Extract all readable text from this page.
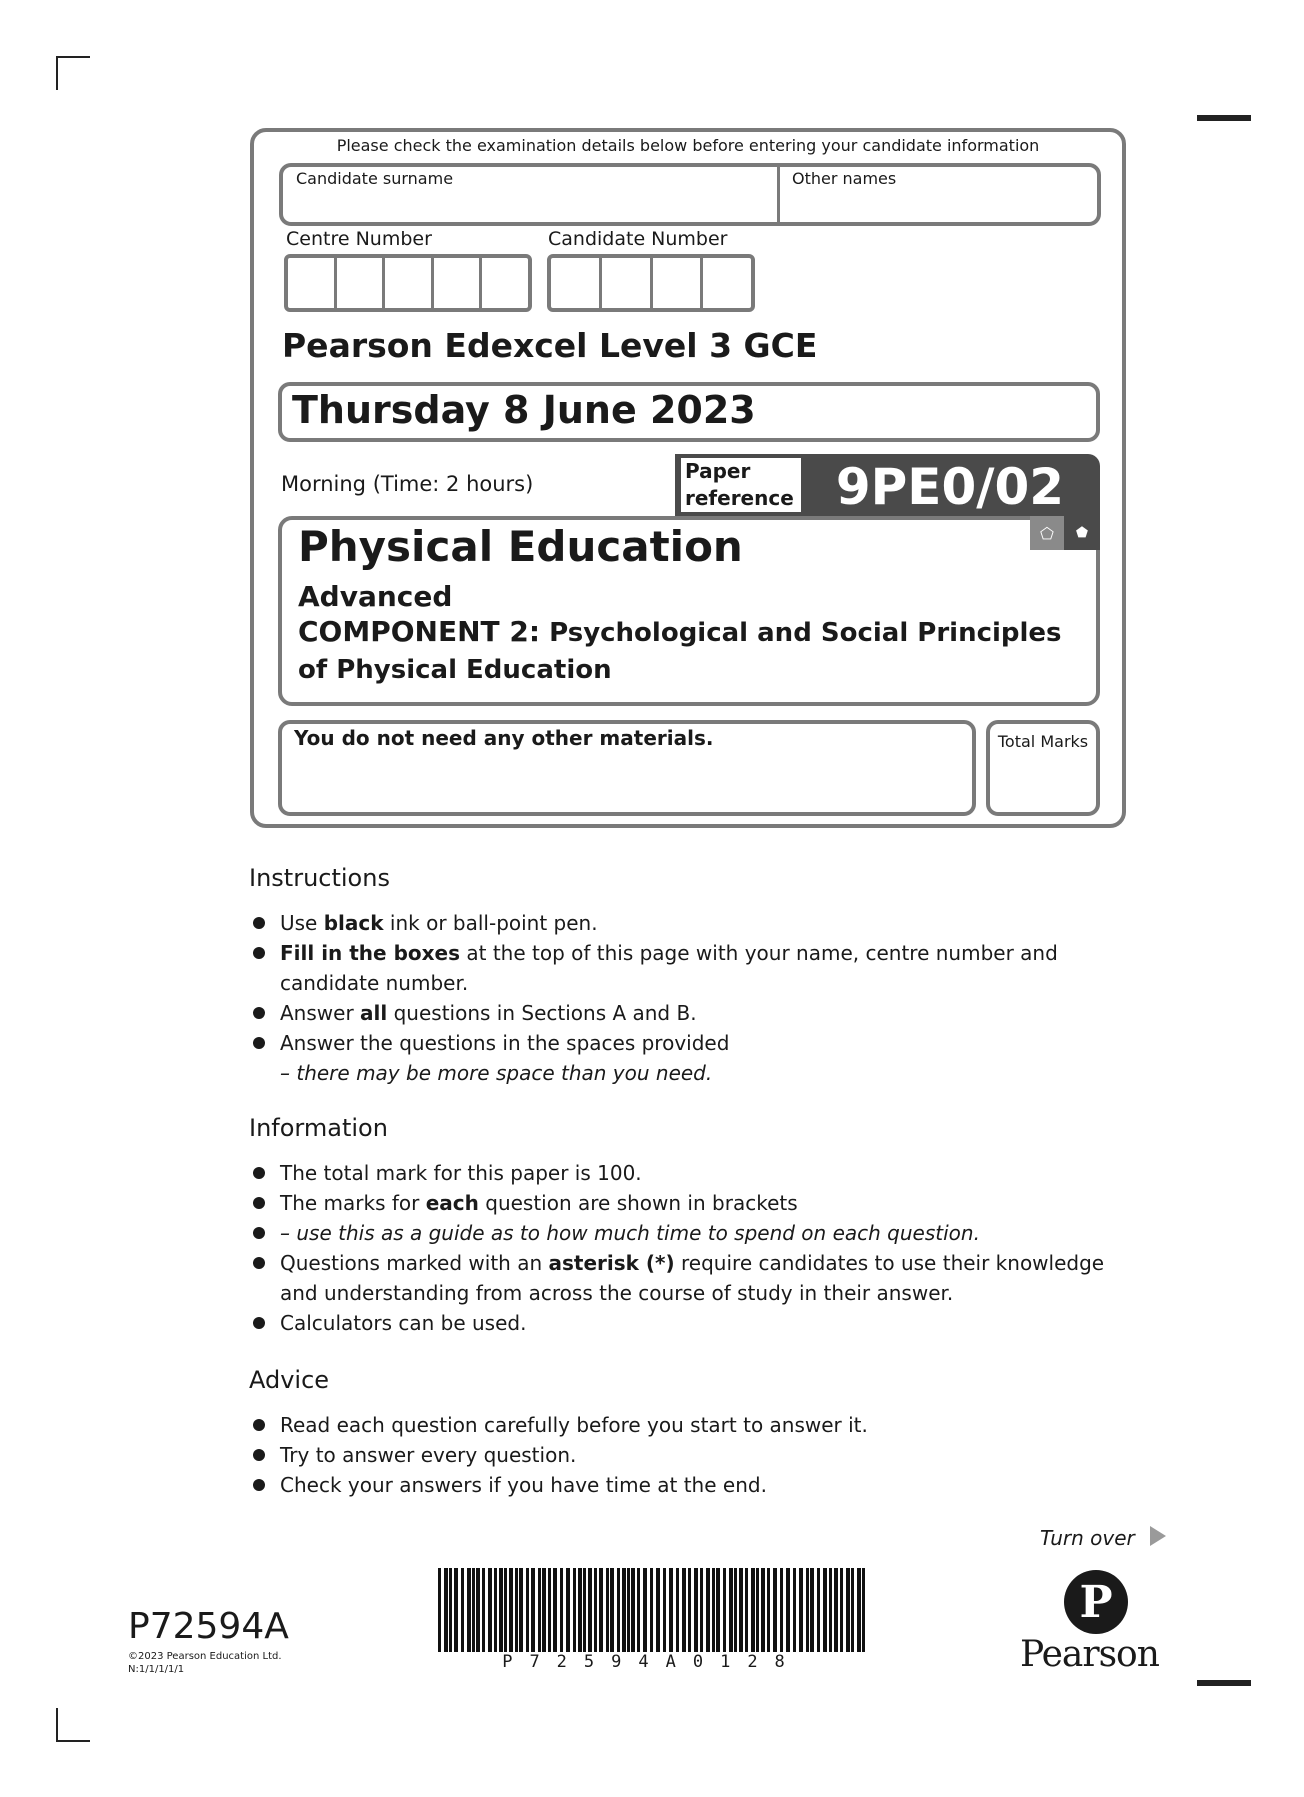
Please check the examination details below before entering your candidate information
Candidate surname	Other names
Centre Number	Candidate Number
Pearson Edexcel Level 3 GCE
Thursday 8 June 2023
Morning (Time: 2 hours)
Paper
reference 9PE0/02
⬠	⬟
Physical Education
Advanced
COMPONENT 2: Psychological and Social Principles
of Physical Education
You do not need any other materials.	Total Marks
Instructions
Use black ink or ball-point pen.
Fill in the boxes at the top of this page with your name, centre number and
candidate number.
Answer all questions in Sections A and B.
Answer the questions in the spaces provided
– there may be more space than you need.
Information
The total mark for this paper is 100.
The marks for each question are shown in brackets
– use this as a guide as to how much time to spend on each question.
Questions marked with an asterisk (*) require candidates to use their knowledge
and understanding from across the course of study in their answer.
Calculators can be used.
Advice
Read each question carefully before you start to answer it.
Try to answer every question.
Check your answers if you have time at the end.
Turn over
P72594A
©2023 Pearson Education Ltd.
N:1/1/1/1/1	P72594A0128
P
Pearson
